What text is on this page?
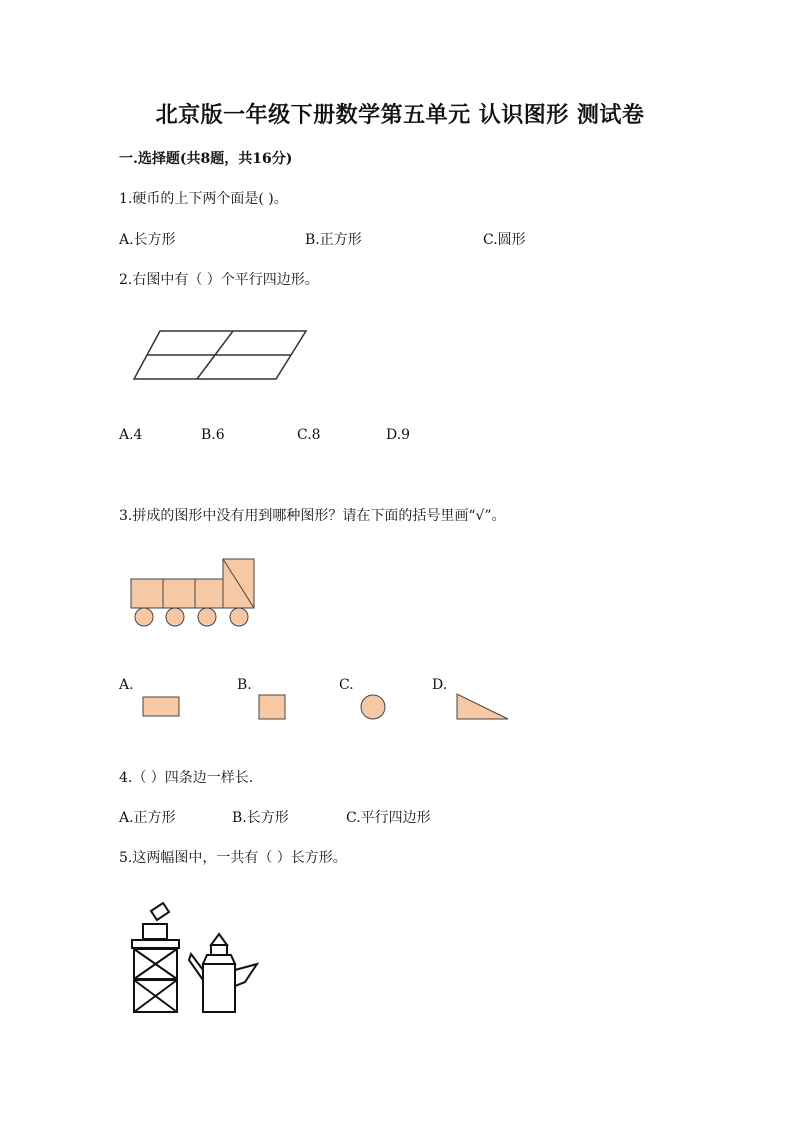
北京版一年级下册数学第五单元 认识图形 测试卷
一.选择题(共8题，共16分)
1.硬币的上下两个面是( )。
A.长方形	B.正方形	C.圆形
2.右图中有（ ）个平行四边形。
A.4	B.6	C.8	D.9
3.拼成的图形中没有用到哪种图形？请在下面的括号里画“√”。
A.	B.	C.	D.
4.（ ）四条边一样长.
A.正方形	B.长方形	C.平行四边形
5.这两幅图中，一共有（ ）长方形。
